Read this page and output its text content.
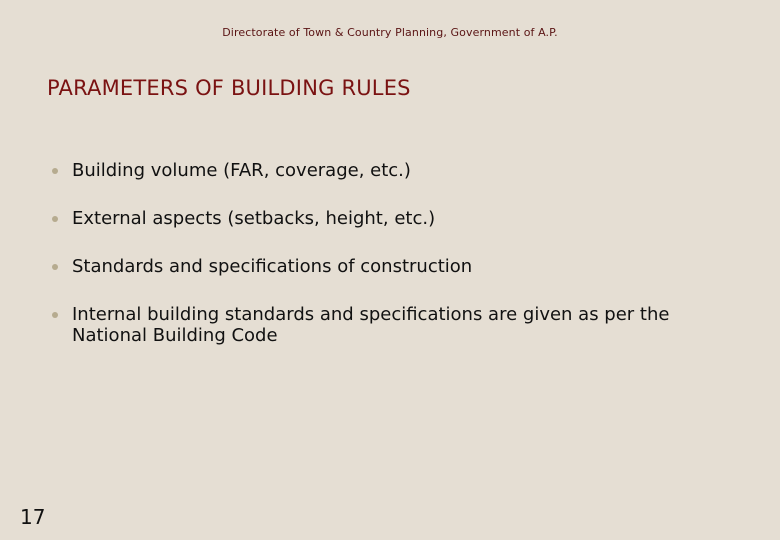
Directorate of Town & Country Planning, Government of A.P.
PARAMETERS OF BUILDING RULES
Building volume (FAR, coverage, etc.)
External aspects (setbacks, height, etc.)
Standards and specifications of construction
Internal building standards and specifications are given as per the National Building Code
17
